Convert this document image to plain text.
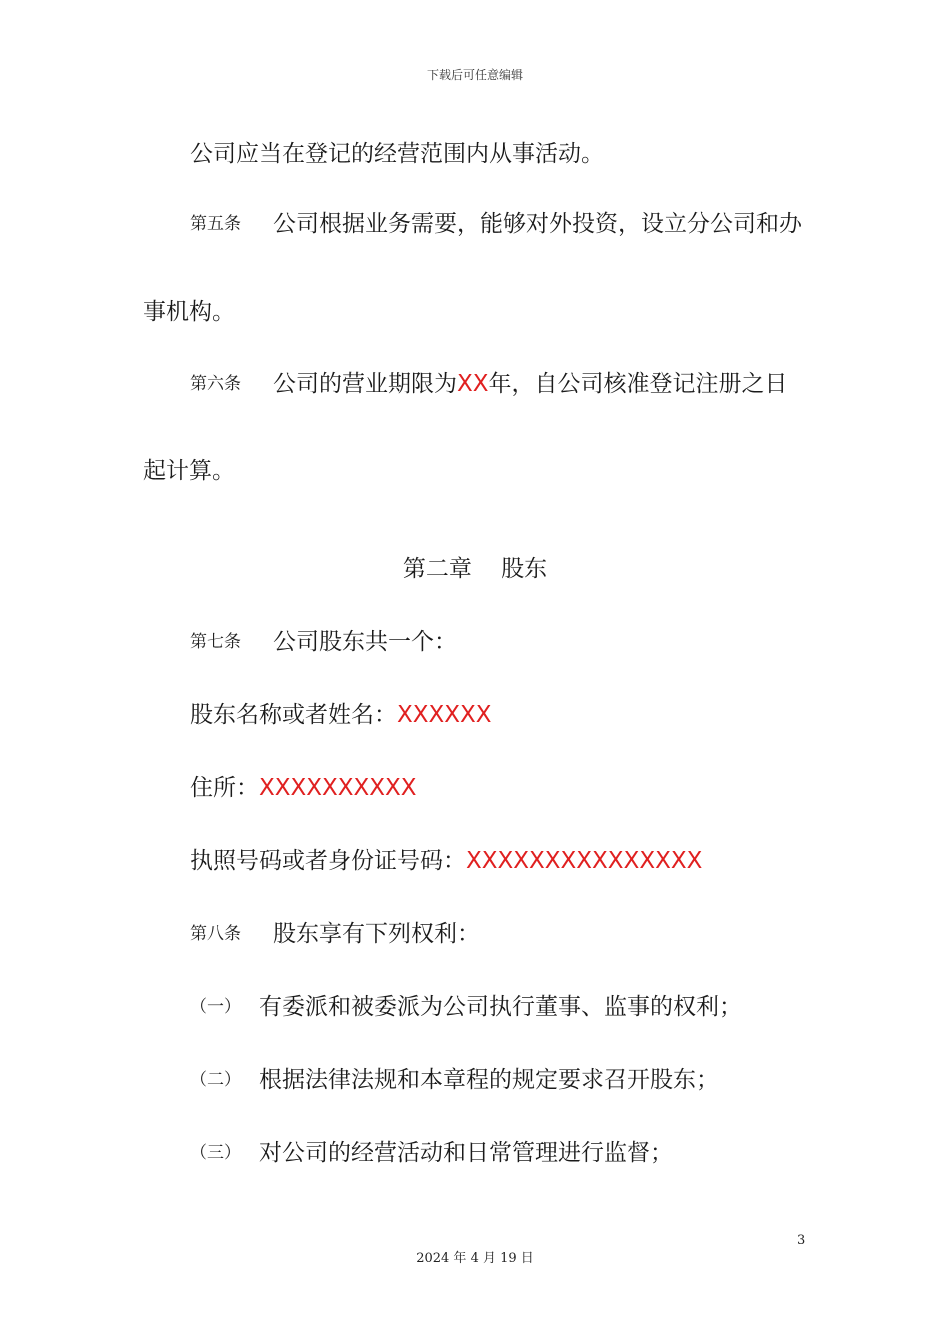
下载后可任意编辑
公司应当在登记的经营范围内从事活动。
第五条 公司根据业务需要，能够对外投资，设立分公司和办
事机构。
第六条 公司的营业期限为XX年，自公司核准登记注册之日
起计算。
第二章    股东
第七条 公司股东共一个：
股东名称或者姓名：XXXXXX
住所：XXXXXXXXXX
执照号码或者身份证号码：XXXXXXXXXXXXXXX
第八条 股东享有下列权利：
（一） 有委派和被委派为公司执行董事、监事的权利；
（二） 根据法律法规和本章程的规定要求召开股东；
（三） 对公司的经营活动和日常管理进行监督；
3
2024 年 4 月 19 日
